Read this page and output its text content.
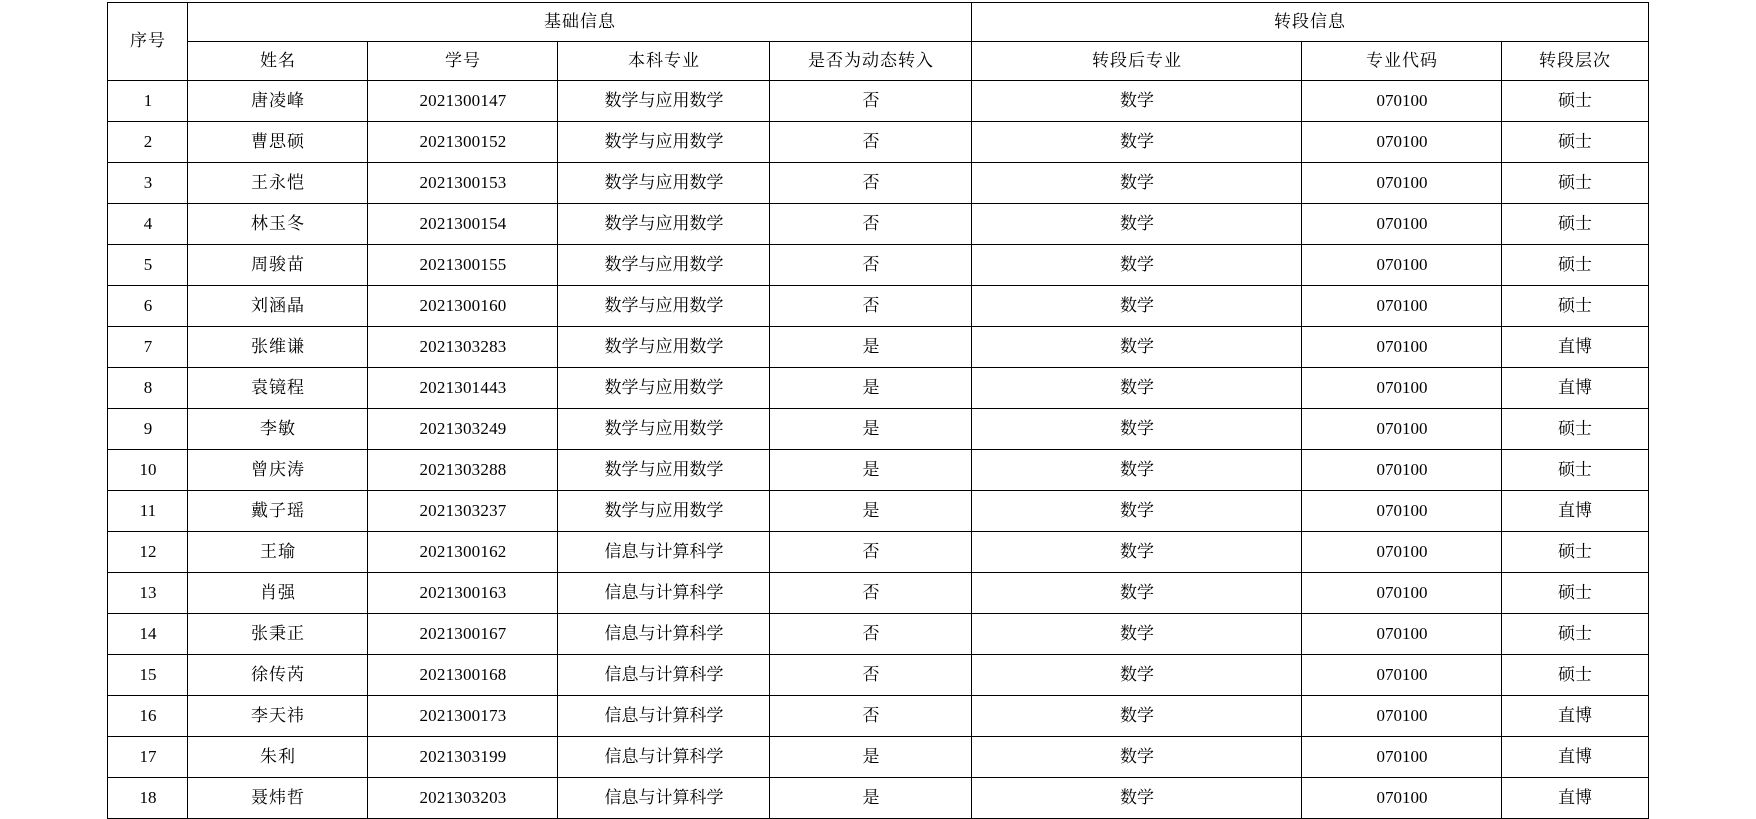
序号	基础信息				转段信息		
	姓名	学号	本科专业	是否为动态转入	转段后专业	专业代码	转段层次
1	唐凌峰	2021300147	数学与应用数学	否	数学	070100	硕士
2	曹思硕	2021300152	数学与应用数学	否	数学	070100	硕士
3	王永恺	2021300153	数学与应用数学	否	数学	070100	硕士
4	林玉冬	2021300154	数学与应用数学	否	数学	070100	硕士
5	周骏苗	2021300155	数学与应用数学	否	数学	070100	硕士
6	刘涵晶	2021300160	数学与应用数学	否	数学	070100	硕士
7	张维谦	2021303283	数学与应用数学	是	数学	070100	直博
8	袁镜程	2021301443	数学与应用数学	是	数学	070100	直博
9	李敏	2021303249	数学与应用数学	是	数学	070100	硕士
10	曾庆涛	2021303288	数学与应用数学	是	数学	070100	硕士
11	戴子瑶	2021303237	数学与应用数学	是	数学	070100	直博
12	王瑜	2021300162	信息与计算科学	否	数学	070100	硕士
13	肖强	2021300163	信息与计算科学	否	数学	070100	硕士
14	张秉正	2021300167	信息与计算科学	否	数学	070100	硕士
15	徐传芮	2021300168	信息与计算科学	否	数学	070100	硕士
16	李天祎	2021300173	信息与计算科学	否	数学	070100	直博
17	朱利	2021303199	信息与计算科学	是	数学	070100	直博
18	聂炜哲	2021303203	信息与计算科学	是	数学	070100	直博
